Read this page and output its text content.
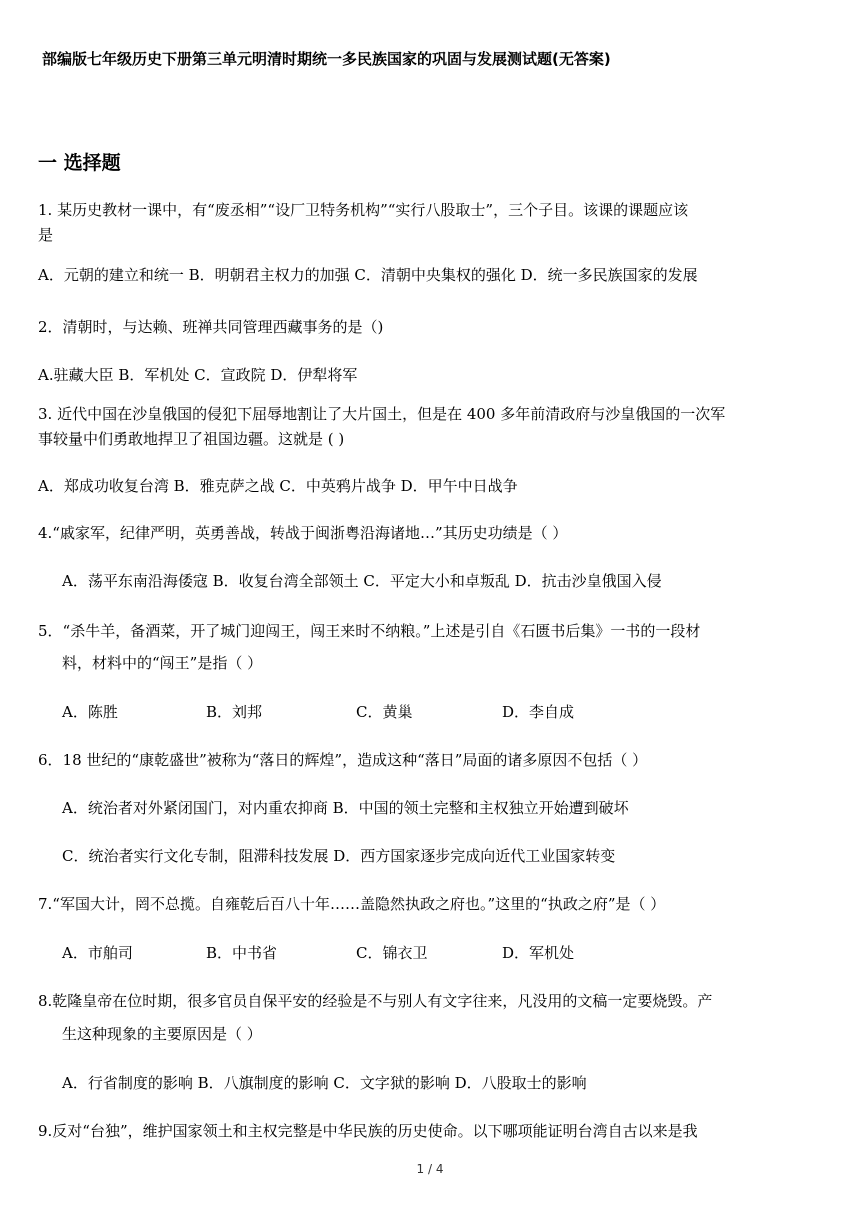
部编版七年级历史下册第三单元明清时期统一多民族国家的巩固与发展测试题(无答案)
一 选择题
1. 某历史教材一课中，有“废丞相”“设厂卫特务机构”“实行八股取士”，三个子目。该课的课题应该
是
A．元朝的建立和统一 B．明朝君主权力的加强 C．清朝中央集权的强化 D．统一多民族国家的发展
2．清朝时，与达赖、班禅共同管理西藏事务的是（)
A.驻藏大臣 B．军机处 C．宣政院 D．伊犁将军
3. 近代中国在沙皇俄国的侵犯下屈辱地割让了大片国土，但是在 400 多年前清政府与沙皇俄国的一次军
事较量中们勇敢地捍卫了祖国边疆。这就是 ( )
A．郑成功收复台湾 B．雅克萨之战 C．中英鸦片战争 D．甲午中日战争
4.“戚家军，纪律严明，英勇善战，转战于闽浙粤沿海诸地…”其历史功绩是（ ）
A．荡平东南沿海倭寇 B．收复台湾全部领土 C．平定大小和卓叛乱 D．抗击沙皇俄国入侵
5．“杀牛羊，备酒菜，开了城门迎闯王，闯王来时不纳粮。”上述是引自《石匮书后集》一书的一段材
料，材料中的“闯王”是指（ ）
A．陈胜	B．刘邦	C．黄巢	D．李自成
6．18 世纪的“康乾盛世”被称为“落日的辉煌”，造成这种“落日”局面的诸多原因不包括（ ）
A．统治者对外紧闭国门，对内重农抑商 B．中国的领土完整和主权独立开始遭到破坏
C．统治者实行文化专制，阻滞科技发展 D．西方国家逐步完成向近代工业国家转变
7.“军国大计，罔不总揽。自雍乾后百八十年……盖隐然执政之府也。”这里的“执政之府”是（ ）
A．市舶司	B．中书省	C．锦衣卫	D．军机处
8.乾隆皇帝在位时期，很多官员自保平安的经验是不与别人有文字往来，凡没用的文稿一定要烧毁。产
生这种现象的主要原因是（ ）
A．行省制度的影响 B．八旗制度的影响 C．文字狱的影响 D．八股取士的影响
9.反对“台独”，维护国家领土和主权完整是中华民族的历史使命。以下哪项能证明台湾自古以来是我
1 / 4
